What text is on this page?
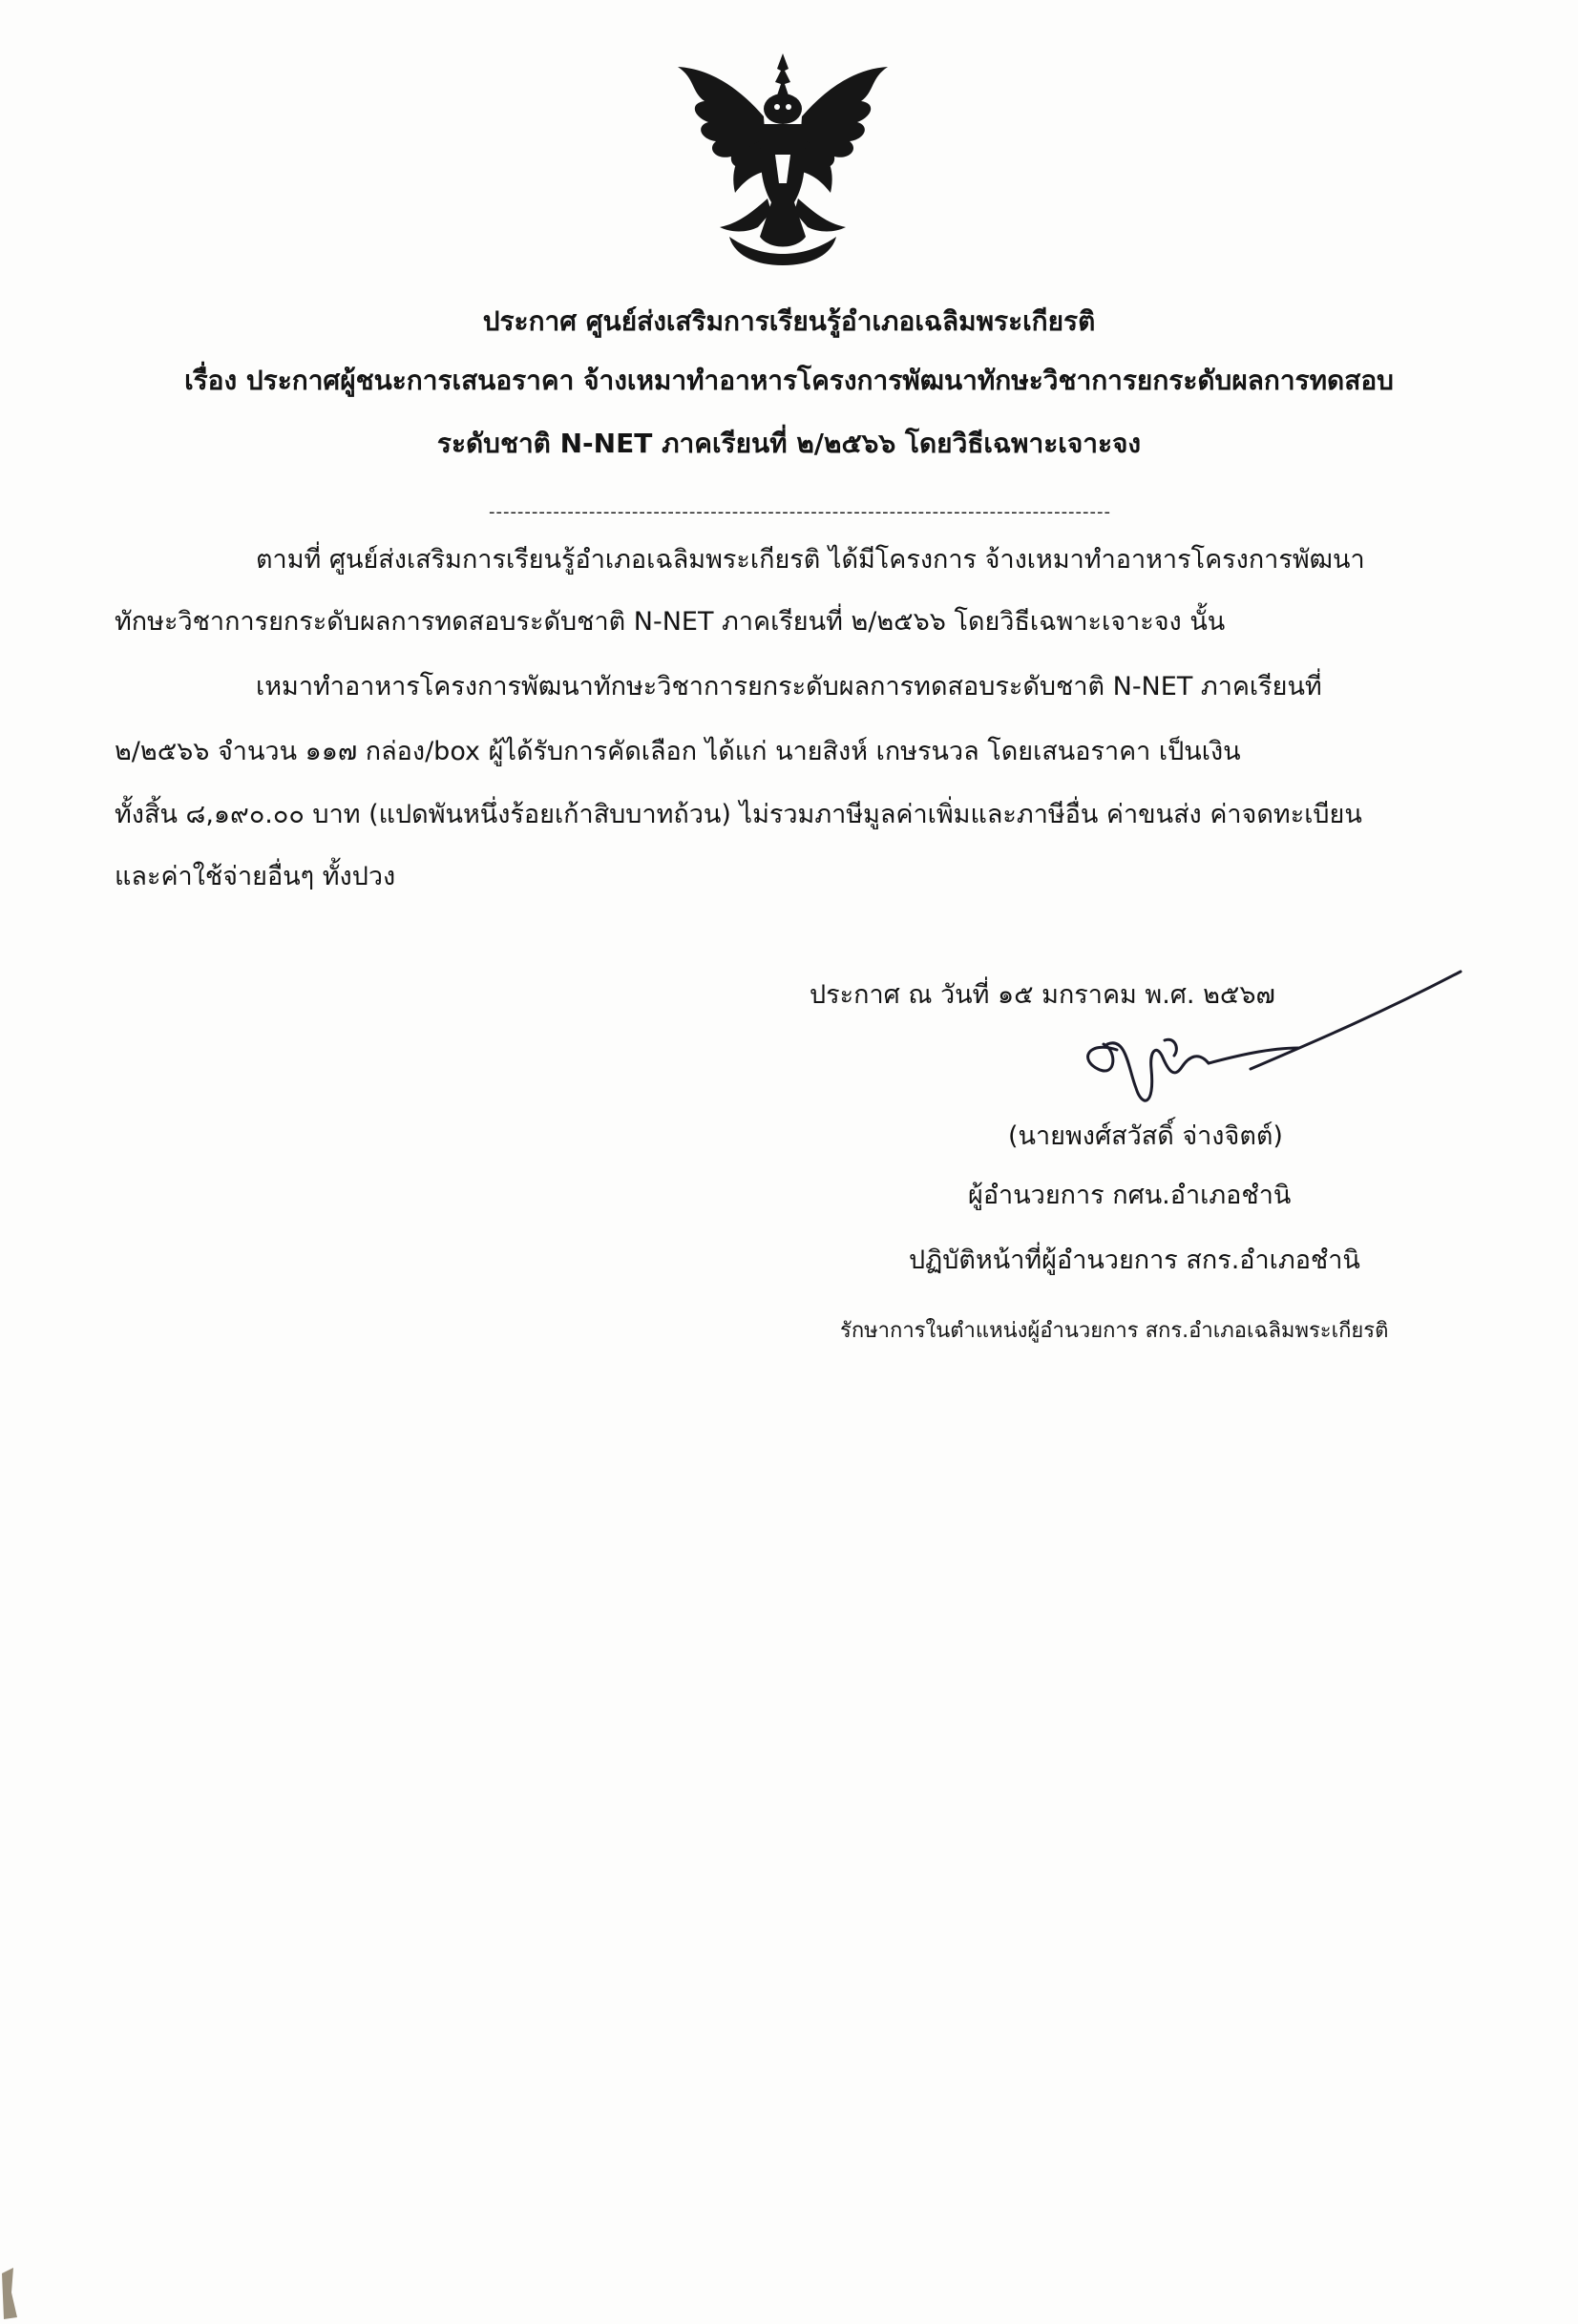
ประกาศ ศูนย์ส่งเสริมการเรียนรู้อำเภอเฉลิมพระเกียรติ
เรื่อง ประกาศผู้ชนะการเสนอราคา จ้างเหมาทำอาหารโครงการพัฒนาทักษะวิชาการยกระดับผลการทดสอบ
ระดับชาติ N-NET ภาคเรียนที่ ๒/๒๕๖๖ โดยวิธีเฉพาะเจาะจง
---------------------------------------------------------------------------------------
ตามที่ ศูนย์ส่งเสริมการเรียนรู้อำเภอเฉลิมพระเกียรติ ได้มีโครงการ จ้างเหมาทำอาหารโครงการพัฒนา
ทักษะวิชาการยกระดับผลการทดสอบระดับชาติ N-NET ภาคเรียนที่ ๒/๒๕๖๖ โดยวิธีเฉพาะเจาะจง นั้น
เหมาทำอาหารโครงการพัฒนาทักษะวิชาการยกระดับผลการทดสอบระดับชาติ N-NET ภาคเรียนที่
๒/๒๕๖๖ จำนวน ๑๑๗ กล่อง/box ผู้ได้รับการคัดเลือก ได้แก่ นายสิงห์ เกษรนวล โดยเสนอราคา เป็นเงิน
ทั้งสิ้น ๘,๑๙๐.๐๐ บาท (แปดพันหนึ่งร้อยเก้าสิบบาทถ้วน) ไม่รวมภาษีมูลค่าเพิ่มและภาษีอื่น ค่าขนส่ง ค่าจดทะเบียน
และค่าใช้จ่ายอื่นๆ ทั้งปวง
ประกาศ ณ วันที่ ๑๕ มกราคม พ.ศ. ๒๕๖๗
(นายพงศ์สวัสดิ์ จ่างจิตต์)
ผู้อำนวยการ กศน.อำเภอชำนิ
ปฏิบัติหน้าที่ผู้อำนวยการ สกร.อำเภอชำนิ
รักษาการในตำแหน่งผู้อำนวยการ สกร.อำเภอเฉลิมพระเกียรติ
